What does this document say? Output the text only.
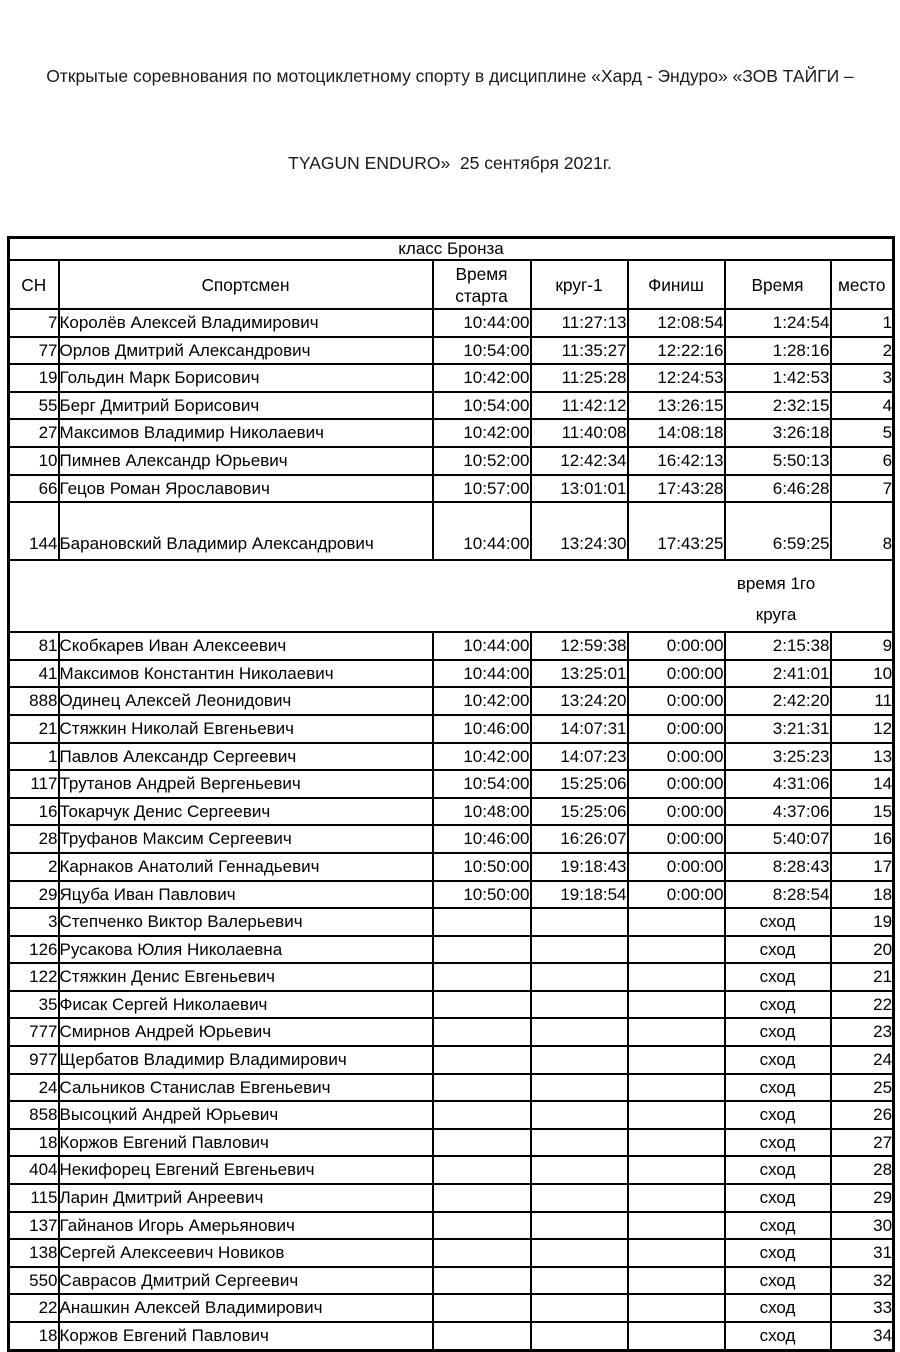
Открытые соревнования по мотоциклетному спорту в дисциплине «Хард - Эндуро» «ЗОВ ТАЙГИ –

TYAGUN ENDURO»  25 сентября 2021г.

класс Бронза						
СН	Спортсмен	Время старта	круг-1	Финиш	Время	место
7	Королёв Алексей Владимирович	10:44:00	11:27:13	12:08:54	1:24:54	1
77	Орлов Дмитрий Александрович	10:54:00	11:35:27	12:22:16	1:28:16	2
19	Гольдин Марк Борисович	10:42:00	11:25:28	12:24:53	1:42:53	3
55	Берг Дмитрий Борисович	10:54:00	11:42:12	13:26:15	2:32:15	4
27	Максимов Владимир Николаевич	10:42:00	11:40:08	14:08:18	3:26:18	5
10	Пимнев Александр Юрьевич	10:52:00	12:42:34	16:42:13	5:50:13	6
66	Гецов Роман Ярославович	10:57:00	13:01:01	17:43:28	6:46:28	7
144	Барановский Владимир Александрович	10:44:00	13:24:30	17:43:25	6:59:25	8

время 1го
круга						

81	Скобкарев Иван Алексеевич	10:44:00	12:59:38	0:00:00	2:15:38	9
41	Максимов Константин Николаевич	10:44:00	13:25:01	0:00:00	2:41:01	10
888	Одинец Алексей Леонидович	10:42:00	13:24:20	0:00:00	2:42:20	11
21	Стяжкин Николай Евгеньевич	10:46:00	14:07:31	0:00:00	3:21:31	12
1	Павлов Александр Сергеевич	10:42:00	14:07:23	0:00:00	3:25:23	13
117	Трутанов Андрей Вергеньевич	10:54:00	15:25:06	0:00:00	4:31:06	14
16	Токарчук Денис Сергеевич	10:48:00	15:25:06	0:00:00	4:37:06	15
28	Труфанов Максим Сергеевич	10:46:00	16:26:07	0:00:00	5:40:07	16
2	Карнаков Анатолий Геннадьевич	10:50:00	19:18:43	0:00:00	8:28:43	17
29	Яцуба Иван Павлович	10:50:00	19:18:54	0:00:00	8:28:54	18
3	Степченко Виктор Валерьевич				сход	19
126	Русакова Юлия Николаевна				сход	20
122	Стяжкин Денис Евгеньевич				сход	21
35	Фисак Сергей Николаевич				сход	22
777	Смирнов Андрей Юрьевич				сход	23
977	Щербатов Владимир Владимирович				сход	24
24	Сальников Станислав Евгеньевич				сход	25
858	Высоцкий Андрей Юрьевич				сход	26
18	Коржов Евгений Павлович				сход	27
404	Некифорец Евгений Евгеньевич				сход	28
115	Ларин Дмитрий Анреевич				сход	29
137	Гайнанов Игорь Амерьянович				сход	30
138	Сергей Алексеевич Новиков				сход	31
550	Саврасов Дмитрий Сергеевич				сход	32
22	Анашкин Алексей Владимирович				сход	33
18	Коржов Евгений Павлович				сход	34
